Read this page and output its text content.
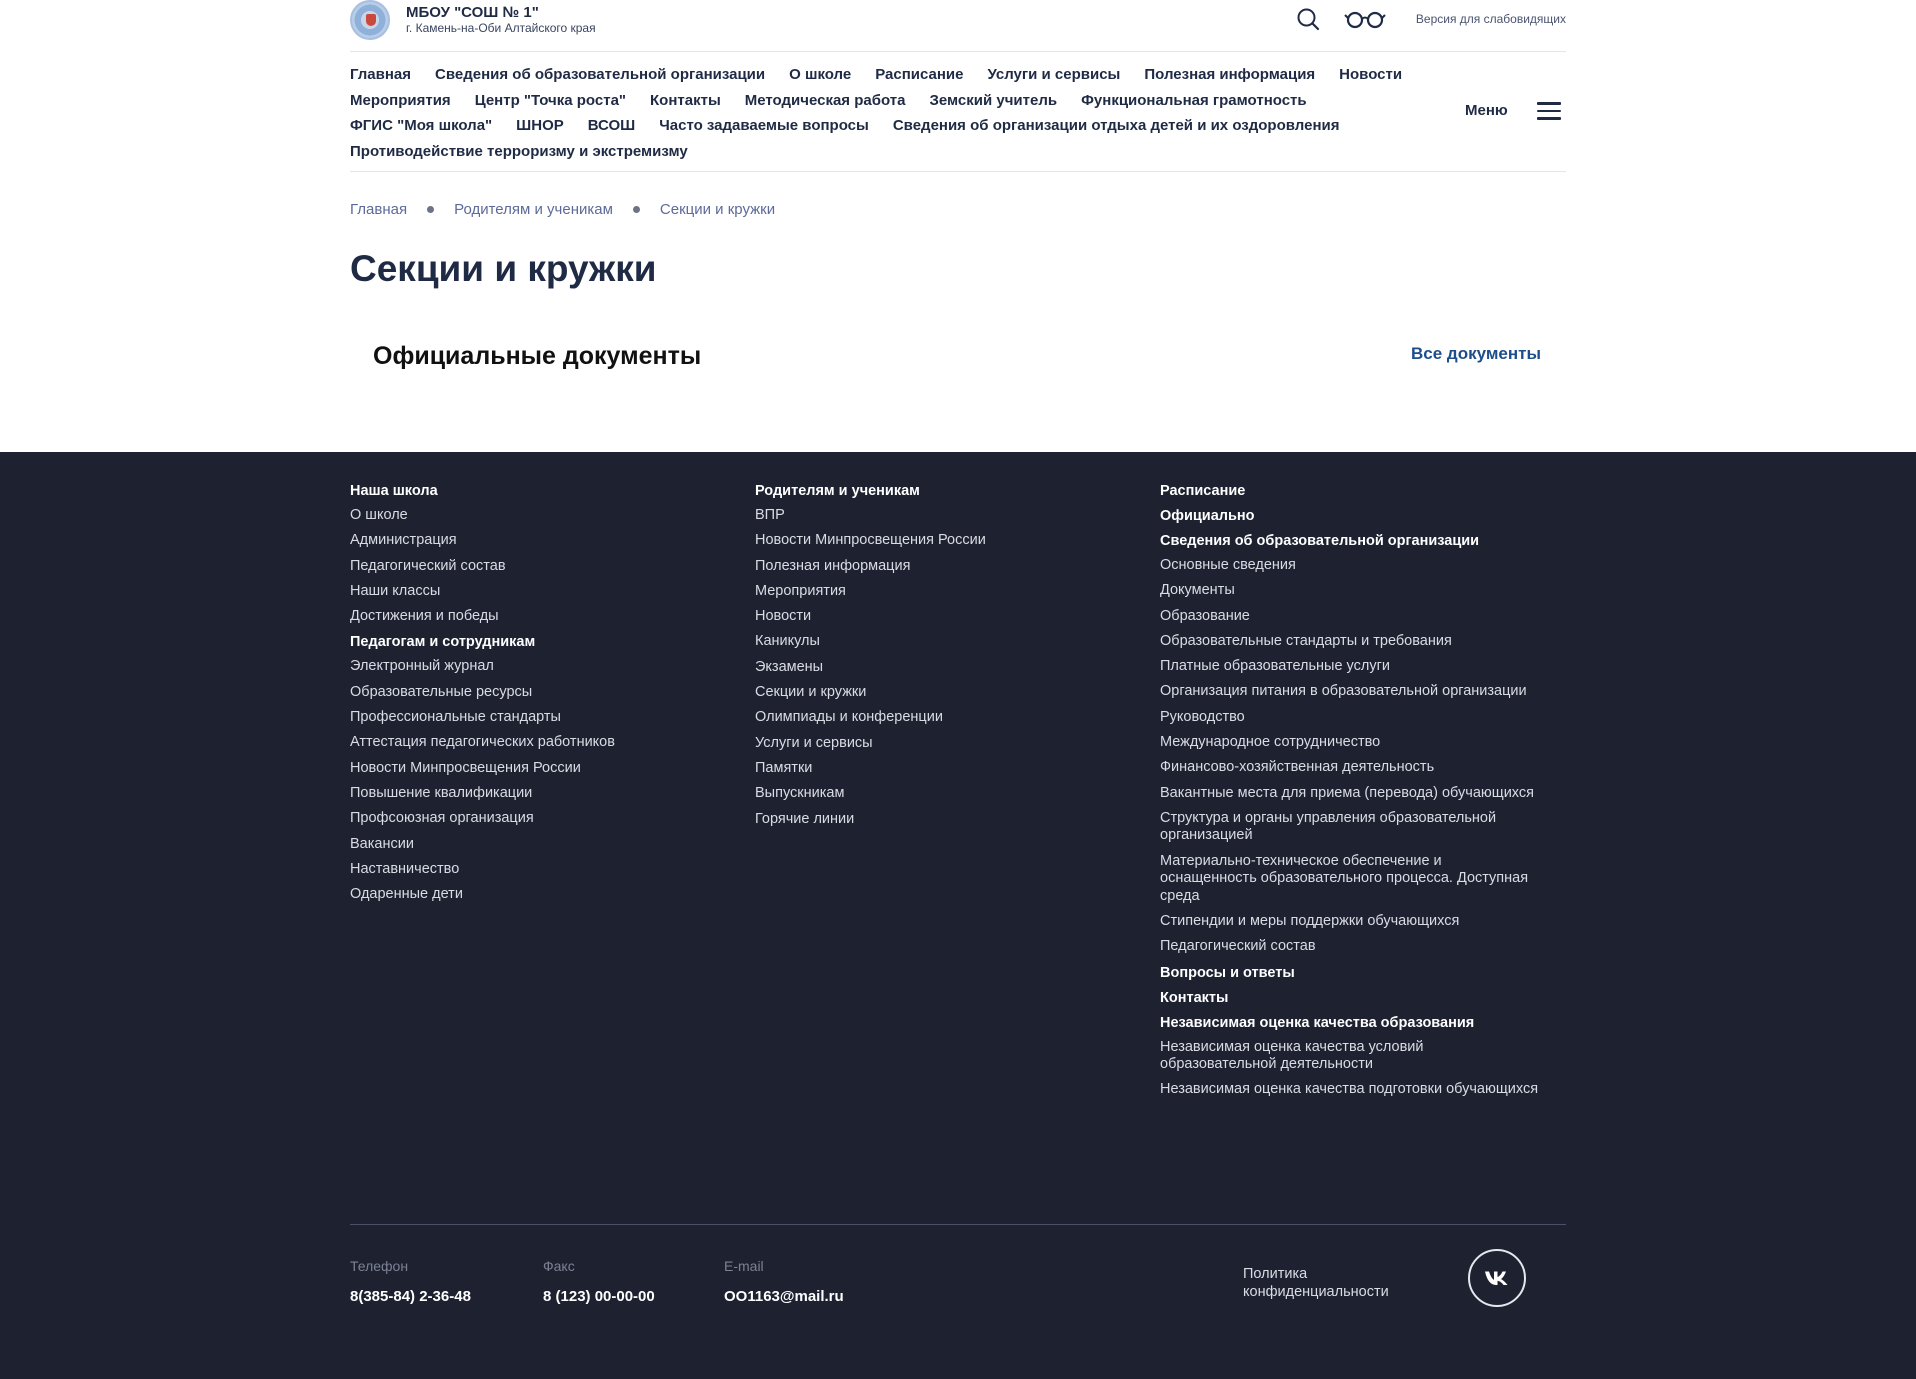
МБОУ "СОШ № 1"
г. Камень-на-Оби Алтайского края
Версия для слабовидящих
Главная Сведения об образовательной организации О школе Расписание Услуги и сервисы Полезная информация Новости
Мероприятия Центр "Точка роста" Контакты Методическая работа Земский учитель Функциональная грамотность
ФГИС "Моя школа" ШНОР ВСОШ Часто задаваемые вопросы Сведения об организации отдыха детей и их оздоровления
Противодействие терроризму и экстремизму
Меню
Главная	Родителям и ученикам	Секции и кружки
Секции и кружки
Официальные документы	Все документы
Наша школа
О школе
Администрация
Педагогический состав
Наши классы
Достижения и победы
Педагогам и сотрудникам
Электронный журнал
Образовательные ресурсы
Профессиональные стандарты
Аттестация педагогических работников
Новости Минпросвещения России
Повышение квалификации
Профсоюзная организация
Вакансии
Наставничество
Одаренные дети
Родителям и ученикам
ВПР
Новости Минпросвещения России
Полезная информация
Мероприятия
Новости
Каникулы
Экзамены
Секции и кружки
Олимпиады и конференции
Услуги и сервисы
Памятки
Выпускникам
Горячие линии
Расписание
Официально
Сведения об образовательной организации
Основные сведения
Документы
Образование
Образовательные стандарты и требования
Платные образовательные услуги
Организация питания в образовательной организации
Руководство
Международное сотрудничество
Финансово-хозяйственная деятельность
Вакантные места для приема (перевода) обучающихся
Структура и органы управления образовательной организацией
Материально-техническое обеспечение и оснащенность образовательного процесса. Доступная среда
Стипендии и меры поддержки обучающихся
Педагогический состав
Вопросы и ответы
Контакты
Независимая оценка качества образования
Независимая оценка качества условий образовательной деятельности
Независимая оценка качества подготовки обучающихся
Телефон
8(385-84) 2-36-48
Факс
8 (123) 00-00-00
E-mail
OO1163@mail.ru
Политика конфиденциальности
